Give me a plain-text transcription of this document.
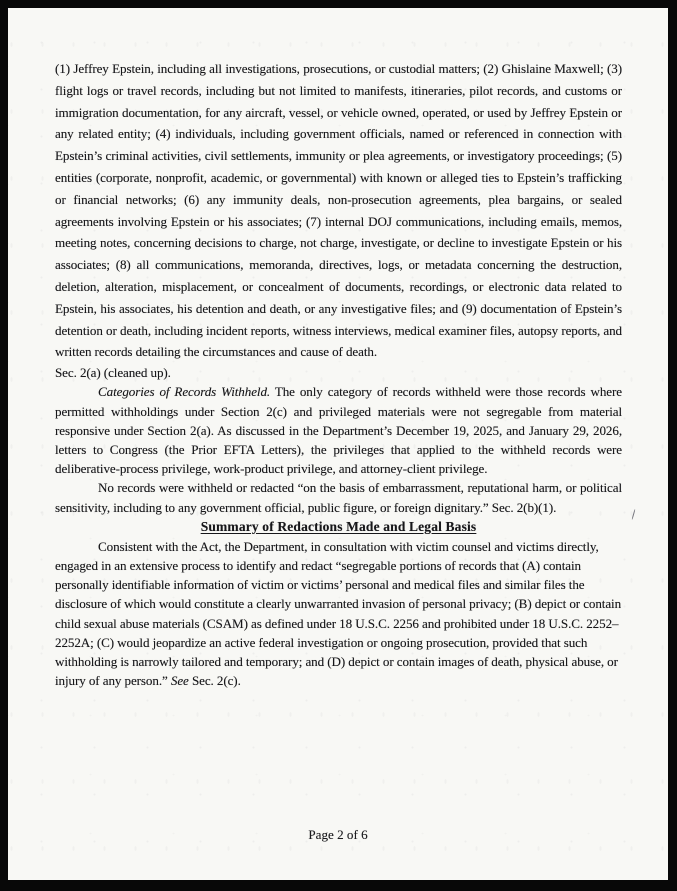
(1) Jeffrey Epstein, including all investigations, prosecutions, or custodial matters; (2) Ghislaine Maxwell; (3) flight logs or travel records, including but not limited to manifests, itineraries, pilot records, and customs or immigration documentation, for any aircraft, vessel, or vehicle owned, operated, or used by Jeffrey Epstein or any related entity; (4) individuals, including government officials, named or referenced in connection with Epstein’s criminal activities, civil settlements, immunity or plea agreements, or investigatory proceedings; (5) entities (corporate, nonprofit, academic, or governmental) with known or alleged ties to Epstein’s trafficking or financial networks; (6) any immunity deals, non-prosecution agreements, plea bargains, or sealed agreements involving Epstein or his associates; (7) internal DOJ communications, including emails, memos, meeting notes, concerning decisions to charge, not charge, investigate, or decline to investigate Epstein or his associates; (8) all communications, memoranda, directives, logs, or metadata concerning the destruction, deletion, alteration, misplacement, or concealment of documents, recordings, or electronic data related to Epstein, his associates, his detention and death, or any investigative files; and (9) documentation of Epstein’s detention or death, including incident reports, witness interviews, medical examiner files, autopsy reports, and written records detailing the circumstances and cause of death.

Sec. 2(a) (cleaned up).

Categories of Records Withheld. The only category of records withheld were those records where permitted withholdings under Section 2(c) and privileged materials were not segregable from material responsive under Section 2(a). As discussed in the Department’s December 19, 2025, and January 29, 2026, letters to Congress (the Prior EFTA Letters), the privileges that applied to the withheld records were deliberative-process privilege, work-product privilege, and attorney-client privilege.

No records were withheld or redacted “on the basis of embarrassment, reputational harm, or political sensitivity, including to any government official, public figure, or foreign dignitary.” Sec. 2(b)(1).

Summary of Redactions Made and Legal Basis

Consistent with the Act, the Department, in consultation with victim counsel and victims directly, engaged in an extensive process to identify and redact “segregable portions of records that (A) contain personally identifiable information of victim or victims’ personal and medical files and similar files the disclosure of which would constitute a clearly unwarranted invasion of personal privacy; (B) depict or contain child sexual abuse materials (CSAM) as defined under 18 U.S.C. 2256 and prohibited under 18 U.S.C. 2252–2252A; (C) would jeopardize an active federal investigation or ongoing prosecution, provided that such withholding is narrowly tailored and temporary; and (D) depict or contain images of death, physical abuse, or injury of any person.” See Sec. 2(c).

Page 2 of 6
